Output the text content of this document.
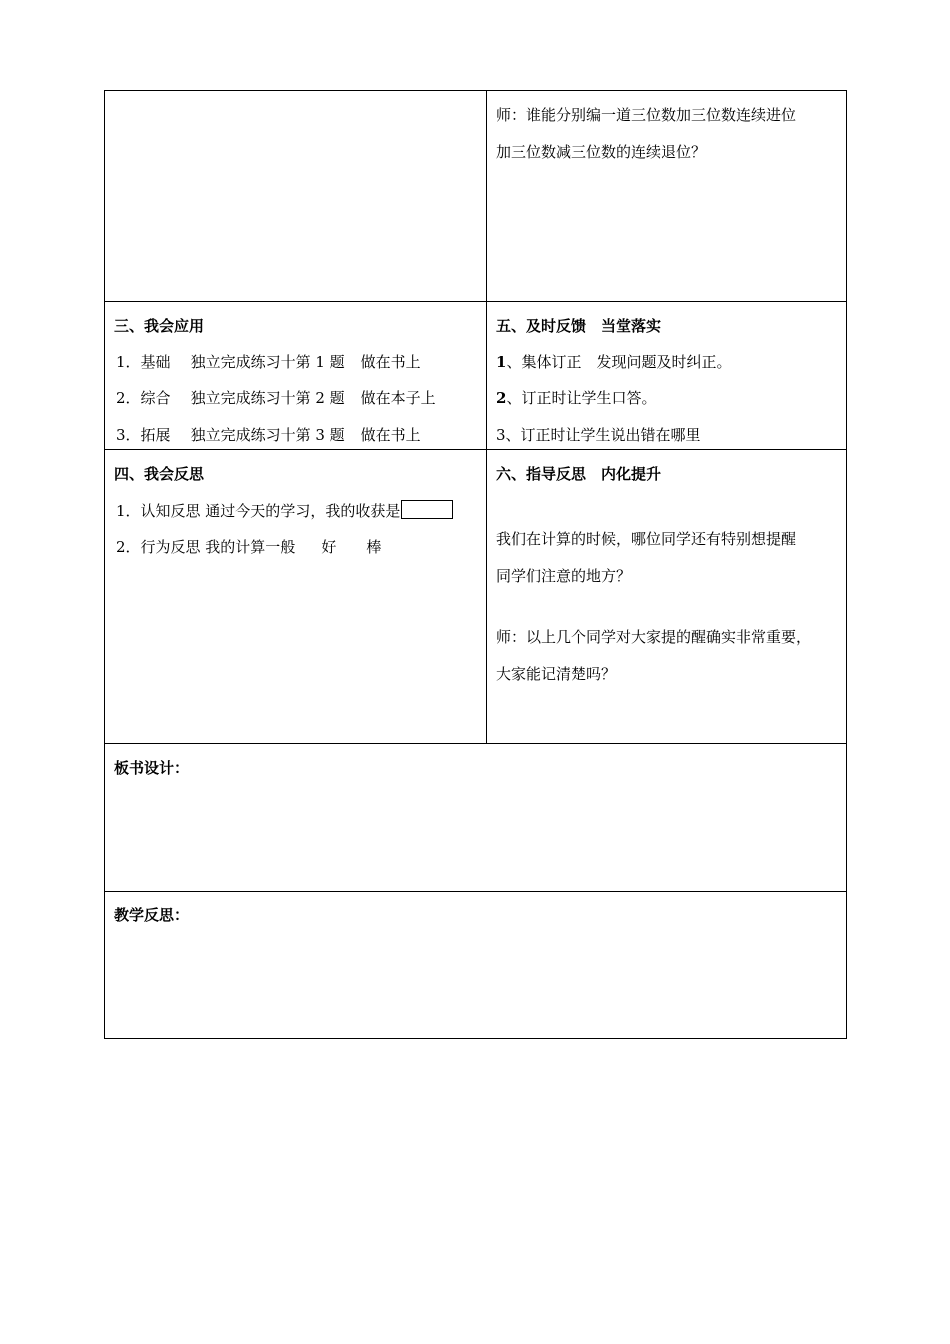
师：谁能分别编一道三位数加三位数连续进位
加三位数减三位数的连续退位？
三、我会应用
1．基础 独立完成练习十第 1 题 做在书上
2．综合 独立完成练习十第 2 题 做在本子上
3．拓展 独立完成练习十第 3 题 做在书上
五、及时反馈　当堂落实
1、集体订正　发现问题及时纠正。
2、订正时让学生口答。
3、订正时让学生说出错在哪里
四、我会反思
1．认知反思 通过今天的学习，我的收获是
2．行为反思 我的计算一般 好 棒
六、指导反思　内化提升
我们在计算的时候，哪位同学还有特别想提醒
同学们注意的地方？
师：以上几个同学对大家提的醒确实非常重要，
大家能记清楚吗？
板书设计：
教学反思：
